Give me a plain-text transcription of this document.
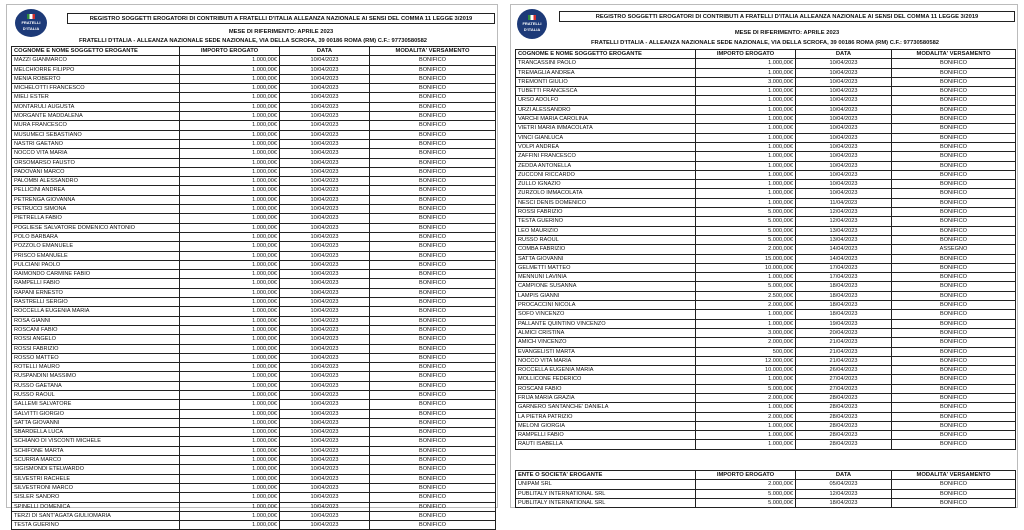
FRATELLI D'ITALIA
REGISTRO SOGGETTI EROGATORI DI CONTRIBUTI A FRATELLI D'ITALIA ALLEANZA NAZIONALE AI SENSI DEL COMMA 11 LEGGE 3/2019
MESE DI RIFERIMENTO: APRILE 2023
FRATELLI D'ITALIA - ALLEANZA NAZIONALE SEDE NAZIONALE, VIA DELLA SCROFA, 39 00186 ROMA (RM) C.F.: 97730580582
COGNOME E NOME SOGGETTO EROGANTE	IMPORTO EROGATO	DATA	MODALITA' VERSAMENTO
MAZZI GIANMARCO	1.000,00€	10/04/2023	BONIFICO
MELCHIORRE FILIPPO	1.000,00€	10/04/2023	BONIFICO
MENIA ROBERTO	1.000,00€	10/04/2023	BONIFICO
MICHELOTTI FRANCESCO	1.000,00€	10/04/2023	BONIFICO
MIELI ESTER	1.000,00€	10/04/2023	BONIFICO
MONTARULI AUGUSTA	1.000,00€	10/04/2023	BONIFICO
MORGANTE MADDALENA	1.000,00€	10/04/2023	BONIFICO
MURA FRANCESCO	1.000,00€	10/04/2023	BONIFICO
MUSUMECI SEBASTIANO	1.000,00€	10/04/2023	BONIFICO
NASTRI GAETANO	1.000,00€	10/04/2023	BONIFICO
NOCCO VITA MARIA	1.000,00€	10/04/2023	BONIFICO
ORSOMARSO FAUSTO	1.000,00€	10/04/2023	BONIFICO
PADOVANI MARCO	1.000,00€	10/04/2023	BONIFICO
PALOMBI ALESSANDRO	1.000,00€	10/04/2023	BONIFICO
PELLICINI ANDREA	1.000,00€	10/04/2023	BONIFICO
PETRENGA GIOVANNA	1.000,00€	10/04/2023	BONIFICO
PETRUCCI SIMONA	1.000,00€	10/04/2023	BONIFICO
PIETRELLA FABIO	1.000,00€	10/04/2023	BONIFICO
POGLIESE SALVATORE DOMENICO ANTONIO	1.000,00€	10/04/2023	BONIFICO
POLO BARBARA	1.000,00€	10/04/2023	BONIFICO
POZZOLO EMANUELE	1.000,00€	10/04/2023	BONIFICO
PRISCO EMANUELE	1.000,00€	10/04/2023	BONIFICO
PULCIANI PAOLO	1.000,00€	10/04/2023	BONIFICO
RAIMONDO CARMINE FABIO	1.000,00€	10/04/2023	BONIFICO
RAMPELLI FABIO	1.000,00€	10/04/2023	BONIFICO
RAPANI ERNESTO	1.000,00€	10/04/2023	BONIFICO
RASTRELLI SERGIO	1.000,00€	10/04/2023	BONIFICO
ROCCELLA EUGENIA MARIA	1.000,00€	10/04/2023	BONIFICO
ROSA GIANNI	1.000,00€	10/04/2023	BONIFICO
ROSCANI FABIO	1.000,00€	10/04/2023	BONIFICO
ROSSI ANGELO	1.000,00€	10/04/2023	BONIFICO
ROSSI FABRIZIO	1.000,00€	10/04/2023	BONIFICO
ROSSO MATTEO	1.000,00€	10/04/2023	BONIFICO
ROTELLI MAURO	1.000,00€	10/04/2023	BONIFICO
RUSPANDINI MASSIMO	1.000,00€	10/04/2023	BONIFICO
RUSSO GAETANA	1.000,00€	10/04/2023	BONIFICO
RUSSO RAOUL	1.000,00€	10/04/2023	BONIFICO
SALLEMI SALVATORE	1.000,00€	10/04/2023	BONIFICO
SALVITTI GIORGIO	1.000,00€	10/04/2023	BONIFICO
SATTA GIOVANNI	1.000,00€	10/04/2023	BONIFICO
SBARDELLA LUCA	1.000,00€	10/04/2023	BONIFICO
SCHIANO DI VISCONTI MICHELE	1.000,00€	10/04/2023	BONIFICO
SCHIFONE MARTA	1.000,00€	10/04/2023	BONIFICO
SCURRIA MARCO	1.000,00€	10/04/2023	BONIFICO
SIGISMONDI ETELWARDO	1.000,00€	10/04/2023	BONIFICO
SILVESTRI RACHELE	1.000,00€	10/04/2023	BONIFICO
SILVESTRONI MARCO	1.000,00€	10/04/2023	BONIFICO
SISLER SANDRO	1.000,00€	10/04/2023	BONIFICO
SPINELLI DOMENICA	1.000,00€	10/04/2023	BONIFICO
TERZI DI SANT'AGATA GIULIOMARIA	1.000,00€	10/04/2023	BONIFICO
TESTA GUERINO	1.000,00€	10/04/2023	BONIFICO
FRATELLI D'ITALIA
REGISTRO SOGGETTI EROGATORI DI CONTRIBUTI A FRATELLI D'ITALIA ALLEANZA NAZIONALE AI SENSI DEL COMMA 11 LEGGE 3/2019
MESE DI RIFERIMENTO: APRILE 2023
FRATELLI D'ITALIA - ALLEANZA NAZIONALE SEDE NAZIONALE, VIA DELLA SCROFA, 39 00186 ROMA (RM) C.F.: 97730580582
COGNOME E NOME SOGGETTO EROGANTE	IMPORTO EROGATO	DATA	MODALITA' VERSAMENTO
TRANCASSINI PAOLO	1.000,00€	10/04/2023	BONIFICO
TREMAGLIA ANDREA	1.000,00€	10/04/2023	BONIFICO
TREMONTI GIULIO	3.000,00€	10/04/2023	BONIFICO
TUBETTI FRANCESCA	1.000,00€	10/04/2023	BONIFICO
URSO ADOLFO	1.000,00€	10/04/2023	BONIFICO
URZI ALESSANDRO	1.000,00€	10/04/2023	BONIFICO
VARCHI MARIA CAROLINA	1.000,00€	10/04/2023	BONIFICO
VIETRI MARIA IMMACOLATA	1.000,00€	10/04/2023	BONIFICO
VINCI GIANLUCA	1.000,00€	10/04/2023	BONIFICO
VOLPI ANDREA	1.000,00€	10/04/2023	BONIFICO
ZAFFINI FRANCESCO	1.000,00€	10/04/2023	BONIFICO
ZEDDA ANTONELLA	1.000,00€	10/04/2023	BONIFICO
ZUCCONI RICCARDO	1.000,00€	10/04/2023	BONIFICO
ZULLO IGNAZIO	1.000,00€	10/04/2023	BONIFICO
ZURZOLO IMMACOLATA	1.000,00€	10/04/2023	BONIFICO
NESCI DENIS DOMENICO	1.000,00€	11/04/2023	BONIFICO
ROSSI FABRIZIO	5.000,00€	12/04/2023	BONIFICO
TESTA GUERINO	5.000,00€	12/04/2023	BONIFICO
LEO MAURIZIO	5.000,00€	13/04/2023	BONIFICO
RUSSO RAOUL	5.000,00€	13/04/2023	BONIFICO
COMBA FABRIZIO	2.000,00€	14/04/2023	ASSEGNO
SATTA GIOVANNI	15.000,00€	14/04/2023	BONIFICO
GELMETTI MATTEO	10.000,00€	17/04/2023	BONIFICO
MENNUNI LAVINIA	1.000,00€	17/04/2023	BONIFICO
CAMPIONE SUSANNA	5.000,00€	18/04/2023	BONIFICO
LAMPIS GIANNI	2.500,00€	18/04/2023	BONIFICO
PROCACCINI NICOLA	2.000,00€	18/04/2023	BONIFICO
SOFO VINCENZO	1.000,00€	18/04/2023	BONIFICO
PALLANTE QUINTINO VINCENZO	1.000,00€	19/04/2023	BONIFICO
ALMICI CRISTINA	3.000,00€	20/04/2023	BONIFICO
AMICH VINCENZO	2.000,00€	21/04/2023	BONIFICO
EVANGELISTI MARTA	500,00€	21/04/2023	BONIFICO
NOCCO VITA MARIA	12.000,00€	21/04/2023	BONIFICO
ROCCELLA EUGENIA MARIA	10.000,00€	26/04/2023	BONIFICO
MOLLICONE FEDERICO	1.000,00€	27/04/2023	BONIFICO
ROSCANI FABIO	5.000,00€	27/04/2023	BONIFICO
FRIJA MARIA GRAZIA	2.000,00€	28/04/2023	BONIFICO
GARNERO SANTANCHE' DANIELA	1.000,00€	28/04/2023	BONIFICO
LA PIETRA PATRIZIO	2.000,00€	28/04/2023	BONIFICO
MELONI GIORGIA	1.000,00€	28/04/2023	BONIFICO
RAMPELLI FABIO	1.000,00€	28/04/2023	BONIFICO
RAUTI ISABELLA	1.000,00€	28/04/2023	BONIFICO
ENTE O SOCIETA' EROGANTE	IMPORTO EROGATO	DATA	MODALITA' VERSAMENTO
UNIPAM SRL	2.000,00€	05/04/2023	BONIFICO
PUBLITALY INTERNATIONAL SRL	5.000,00€	12/04/2023	BONIFICO
PUBLITALY INTERNATIONAL SRL	5.000,00€	18/04/2023	BONIFICO
